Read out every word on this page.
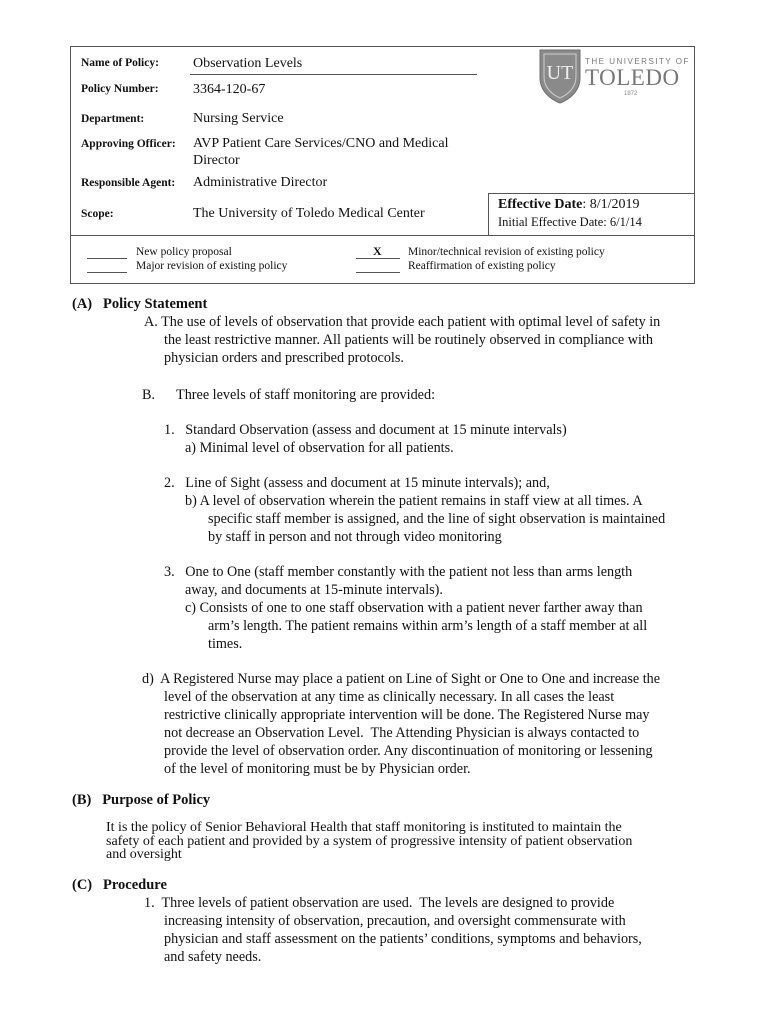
Name of Policy: Observation Levels
Policy Number: 3364-120-67
Department:	Nursing Service
Approving Officer: AVP Patient Care Services/CNO and Medical
Director
Responsible Agent: Administrative Director
Scope:	The University of Toledo Medical Center
Effective Date: 8/1/2019
Initial Effective Date: 6/1/14
UT
THE UNIVERSITY OF
TOLEDO
1872
New policy proposal
Major revision of existing policy
X Minor/technical revision of existing policy
Reaffirmation of existing policy
(A)   Policy Statement

A. The use of levels of observation that provide each patient with optimal level of safety in

the least restrictive manner. All patients will be routinely observed in compliance with

physician orders and prescribed protocols.

B.      Three levels of staff monitoring are provided:

1.   Standard Observation (assess and document at 15 minute intervals)

a) Minimal level of observation for all patients.

2.   Line of Sight (assess and document at 15 minute intervals); and,

b) A level of observation wherein the patient remains in staff view at all times. A

specific staff member is assigned, and the line of sight observation is maintained

by staff in person and not through video monitoring

3.   One to One (staff member constantly with the patient not less than arms length

away, and documents at 15-minute intervals).

c) Consists of one to one staff observation with a patient never farther away than

arm’s length. The patient remains within arm’s length of a staff member at all

times.

d)  A Registered Nurse may place a patient on Line of Sight or One to One and increase the

level of the observation at any time as clinically necessary. In all cases the least

restrictive clinically appropriate intervention will be done. The Registered Nurse may

not decrease an Observation Level.  The Attending Physician is always contacted to

provide the level of observation order. Any discontinuation of monitoring or lessening

of the level of monitoring must be by Physician order.

(B)   Purpose of Policy

It is the policy of Senior Behavioral Health that staff monitoring is instituted to maintain the

safety of each patient and provided by a system of progressive intensity of patient observation

and oversight

(C)   Procedure

1.  Three levels of patient observation are used.  The levels are designed to provide

increasing intensity of observation, precaution, and oversight commensurate with

physician and staff assessment on the patients’ conditions, symptoms and behaviors,

and safety needs.
